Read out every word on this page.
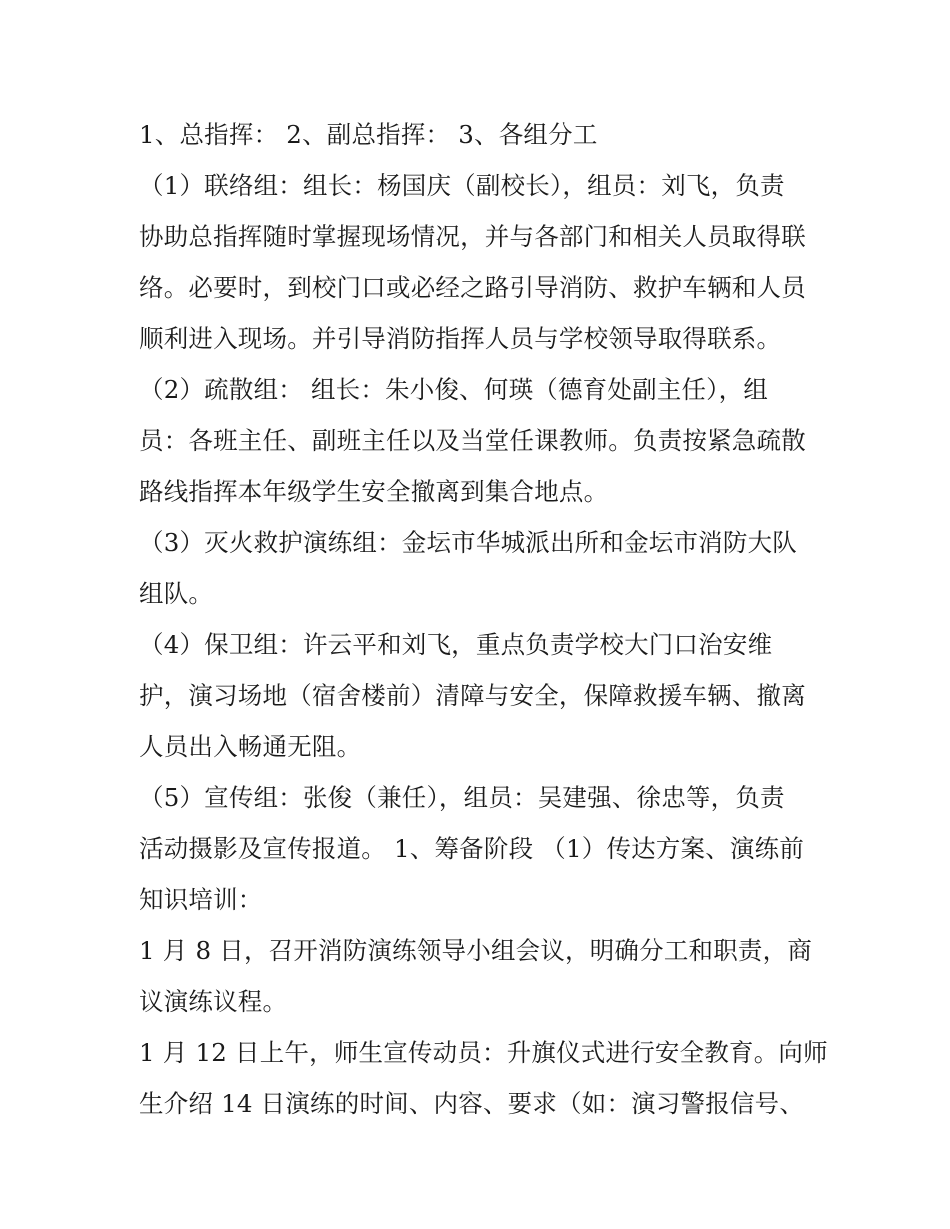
1、总指挥： 2、副总指挥： 3、各组分工
（1）联络组：组长：杨国庆（副校长），组员：刘飞，负责
协助总指挥随时掌握现场情况，并与各部门和相关人员取得联
络。必要时，到校门口或必经之路引导消防、救护车辆和人员
顺利进入现场。并引导消防指挥人员与学校领导取得联系。
（2）疏散组： 组长：朱小俊、何瑛（德育处副主任），组
员：各班主任、副班主任以及当堂任课教师。负责按紧急疏散
路线指挥本年级学生安全撤离到集合地点。
（3）灭火救护演练组：金坛市华城派出所和金坛市消防大队
组队。
（4）保卫组：许云平和刘飞，重点负责学校大门口治安维
护，演习场地（宿舍楼前）清障与安全，保障救援车辆、撤离
人员出入畅通无阻。
（5）宣传组：张俊（兼任），组员：吴建强、徐忠等，负责
活动摄影及宣传报道。 1、筹备阶段 （1）传达方案、演练前
知识培训：
1 月 8 日，召开消防演练领导小组会议，明确分工和职责，商
议演练议程。
1 月 12 日上午，师生宣传动员：升旗仪式进行安全教育。向师
生介绍 14 日演练的时间、内容、要求（如：演习警报信号、
